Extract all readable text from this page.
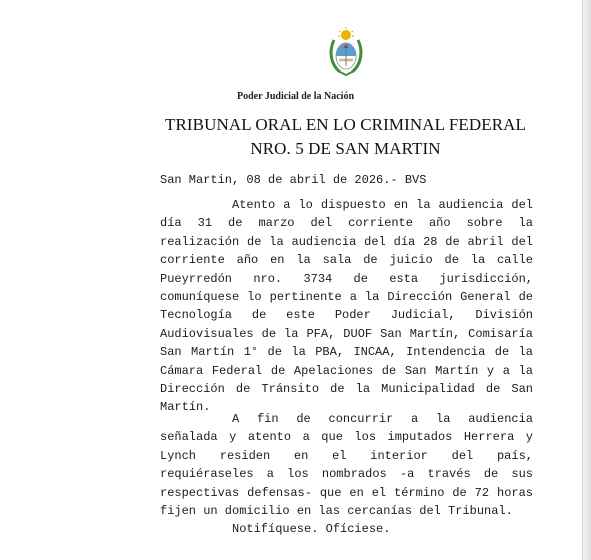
Poder Judicial de la Nación
TRIBUNAL ORAL EN LO CRIMINAL FEDERAL
NRO. 5 DE SAN MARTIN
San Martin, 08 de abril de 2026.- BVS

Atento a lo dispuesto en la audiencia del día 31 de marzo del corriente año sobre la realización de la audiencia del día 28 de abril del corriente año en la sala de juicio de la calle Pueyrredón nro. 3734 de esta jurisdicción, comuníquese lo pertinente a la Dirección General de Tecnología de este Poder Judicial, División Audiovisuales de la PFA, DUOF San Martín, Comisaría San Martín 1° de la PBA, INCAA, Intendencia de la Cámara Federal de Apelaciones de San Martín y a la Dirección de Tránsito de la Municipalidad de San Martín.

A fin de concurrir a la audiencia señalada y atento a que los imputados Herrera y Lynch residen en el interior del país, requiéraseles a los nombrados -a través de sus respectivas defensas- que en el término de 72 horas fijen un domicilio en las cercanías del Tribunal.

Notifíquese. Ofíciese.
